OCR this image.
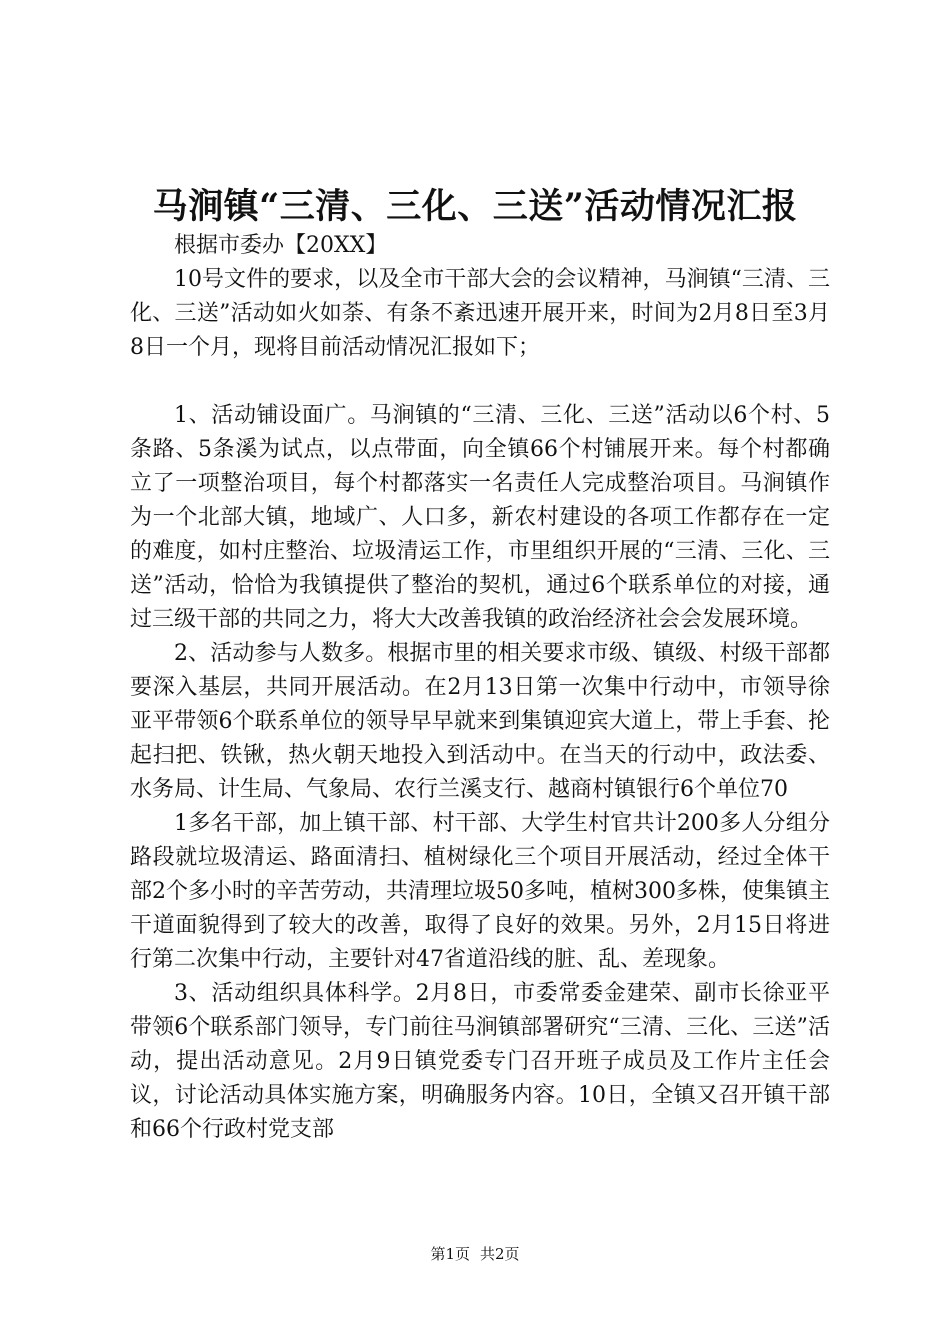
马涧镇“三清、三化、三送”活动情况汇报

根据市委办【20XX】

10号文件的要求，以及全市干部大会的会议精神，马涧镇“三清、三化、三送”活动如火如荼、有条不紊迅速开展开来，时间为2月8日至3月8日一个月，现将目前活动情况汇报如下；

1、活动铺设面广。马涧镇的“三清、三化、三送”活动以6个村、5条路、5条溪为试点，以点带面，向全镇66个村铺展开来。每个村都确立了一项整治项目，每个村都落实一名责任人完成整治项目。马涧镇作为一个北部大镇，地域广、人口多，新农村建设的各项工作都存在一定的难度，如村庄整治、垃圾清运工作，市里组织开展的“三清、三化、三送”活动，恰恰为我镇提供了整治的契机，通过6个联系单位的对接，通过三级干部的共同之力，将大大改善我镇的政治经济社会会发展环境。

2、活动参与人数多。根据市里的相关要求市级、镇级、村级干部都要深入基层，共同开展活动。在2月13日第一次集中行动中，市领导徐亚平带领6个联系单位的领导早早就来到集镇迎宾大道上，带上手套、抡起扫把、铁锹，热火朝天地投入到活动中。在当天的行动中，政法委、水务局、计生局、气象局、农行兰溪支行、越商村镇银行6个单位70

1多名干部，加上镇干部、村干部、大学生村官共计200多人分组分路段就垃圾清运、路面清扫、植树绿化三个项目开展活动，经过全体干部2个多小时的辛苦劳动，共清理垃圾50多吨，植树300多株，使集镇主干道面貌得到了较大的改善，取得了良好的效果。另外，2月15日将进行第二次集中行动，主要针对47省道沿线的脏、乱、差现象。

3、活动组织具体科学。2月8日，市委常委金建荣、副市长徐亚平带领6个联系部门领导，专门前往马涧镇部署研究“三清、三化、三送”活动，提出活动意见。2月9日镇党委专门召开班子成员及工作片主任会议，讨论活动具体实施方案，明确服务内容。10日，全镇又召开镇干部和66个行政村党支部

第1页 共2页
